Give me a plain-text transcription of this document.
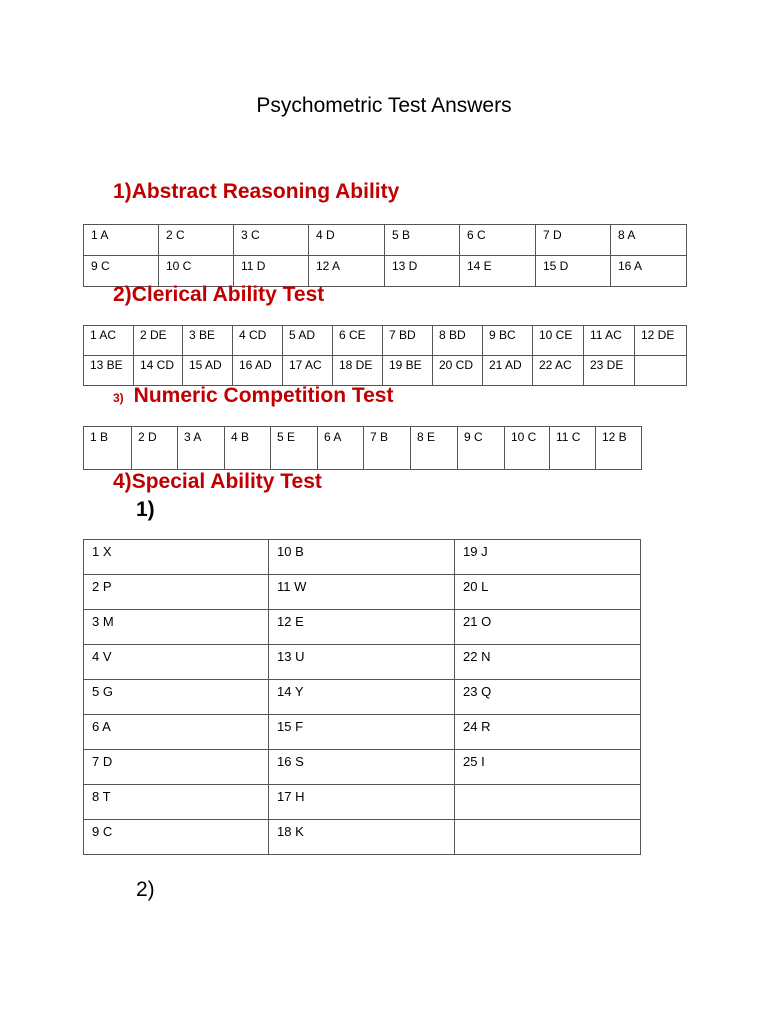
Psychometric Test Answers
1)Abstract Reasoning Ability
1 A	2 C	3 C	4 D	5 B	6 C	7 D	8 A
9 C	10 C	11 D	12 A	13 D	14 E	15 D	16 A
2)Clerical Ability Test
1 AC	2 DE	3 BE	4 CD	5 AD	6 CE	7 BD	8 BD	9 BC	10 CE	11 AC	12 DE
13 BE	14 CD	15 AD	16 AD	17 AC	18 DE	19 BE	20 CD	21 AD	22 AC	23 DE	
3) Numeric Competition Test
1 B	2 D	3 A	4 B	5 E	6 A	7 B	8 E	9 C	10 C	11 C	12 B
4)Special Ability Test
1)
1 X	10 B	19 J
2 P	11 W	20 L
3 M	12 E	21 O
4 V	13 U	22 N
5 G	14 Y	23 Q
6 A	15 F	24 R
7 D	16 S	25 I
8 T	17 H	
9 C	18 K	
2)
